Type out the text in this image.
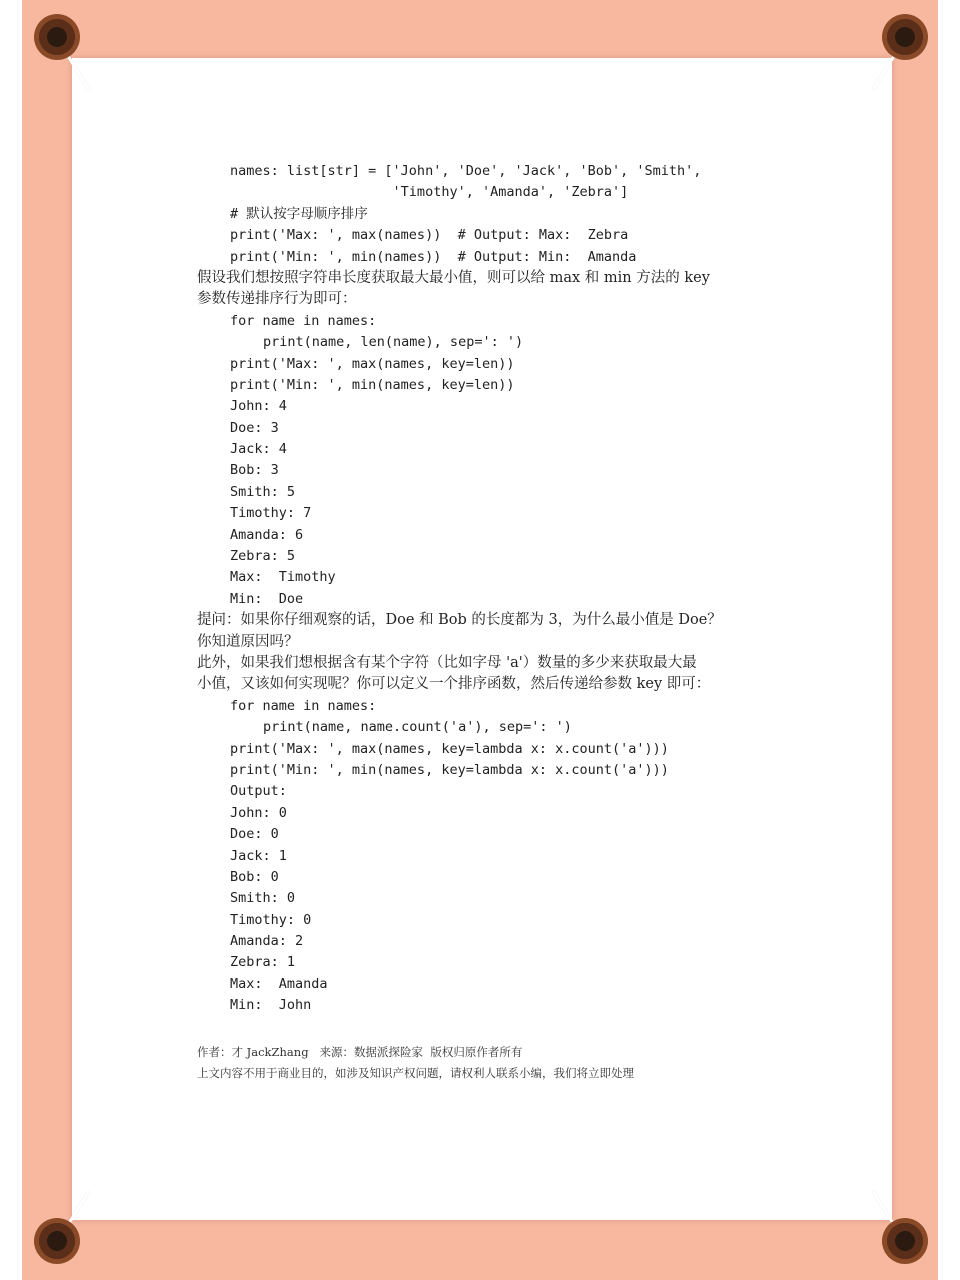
names: list[str] = ['John', 'Doe', 'Jack', 'Bob', 'Smith',
'Timothy', 'Amanda', 'Zebra']
# 默认按字母顺序排序
print('Max: ', max(names))  # Output: Max:  Zebra
print('Min: ', min(names))  # Output: Min:  Amanda
假设我们想按照字符串长度获取最大最小值，则可以给 max 和 min 方法的 key
参数传递排序行为即可：
for name in names:
print(name, len(name), sep=': ')
print('Max: ', max(names, key=len))
print('Min: ', min(names, key=len))
John: 4
Doe: 3
Jack: 4
Bob: 3
Smith: 5
Timothy: 7
Amanda: 6
Zebra: 5
Max:  Timothy
Min:  Doe
提问：如果你仔细观察的话，Doe 和 Bob 的长度都为 3，为什么最小值是 Doe？
你知道原因吗？
此外，如果我们想根据含有某个字符（比如字母 'a'）数量的多少来获取最大最
小值，又该如何实现呢？你可以定义一个排序函数，然后传递给参数 key 即可：
for name in names:
print(name, name.count('a'), sep=': ')
print('Max: ', max(names, key=lambda x: x.count('a')))
print('Min: ', min(names, key=lambda x: x.count('a')))
Output:
John: 0
Doe: 0
Jack: 1
Bob: 0
Smith: 0
Timothy: 0
Amanda: 2
Zebra: 1
Max:  Amanda
Min:  John
作者：才 JackZhang   来源：数据派探险家  版权归原作者所有
上文内容不用于商业目的，如涉及知识产权问题，请权利人联系小编，我们将立即处理
